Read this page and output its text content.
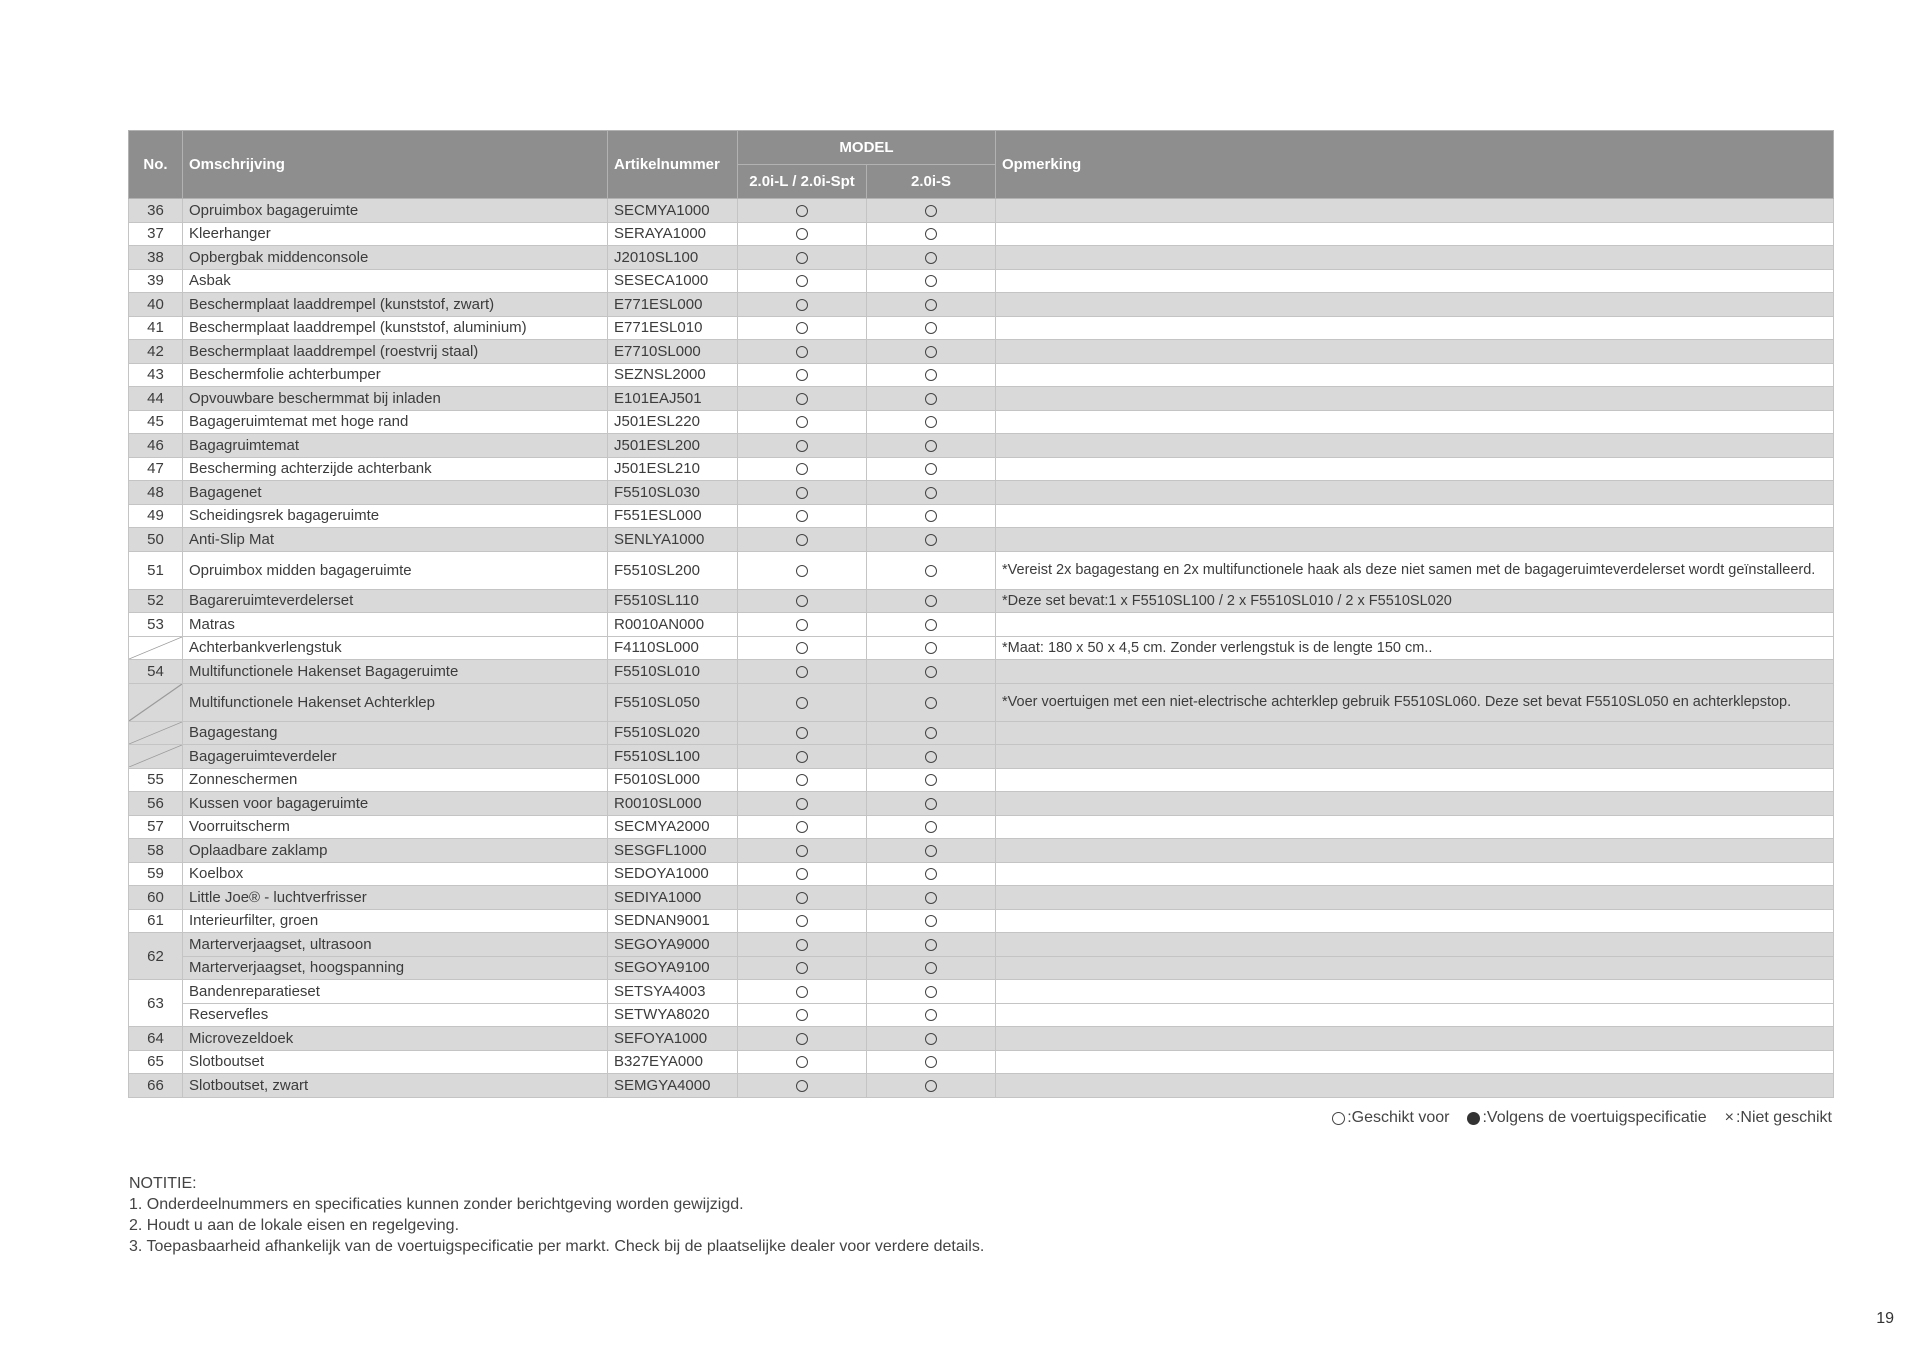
No.	Omschrijving	Artikelnummer	MODEL		Opmerking
			2.0i-L / 2.0i-Spt	2.0i-S	
36	Opruimbox bagageruimte	SECMYA1000			
37	Kleerhanger	SERAYA1000			
38	Opbergbak middenconsole	J2010SL100			
39	Asbak	SESECA1000			
40	Beschermplaat laaddrempel (kunststof, zwart)	E771ESL000			
41	Beschermplaat laaddrempel (kunststof, aluminium)	E771ESL010			
42	Beschermplaat laaddrempel (roestvrij staal)	E7710SL000			
43	Beschermfolie achterbumper	SEZNSL2000			
44	Opvouwbare beschermmat bij inladen	E101EAJ501			
45	Bagageruimtemat met hoge rand	J501ESL220			
46	Bagagruimtemat	J501ESL200			
47	Bescherming achterzijde achterbank	J501ESL210			
48	Bagagenet	F5510SL030			
49	Scheidingsrek bagageruimte	F551ESL000			
50	Anti-Slip Mat	SENLYA1000			
51	Opruimbox midden bagageruimte	F5510SL200			*Vereist 2x bagagestang en 2x multifunctionele haak als deze niet samen met de bagageruimteverdelerset wordt geïnstalleerd.
52	Bagareruimteverdelerset	F5510SL110			*Deze set bevat:1 x F5510SL100 / 2 x F5510SL010 / 2 x F5510SL020
53	Matras	R0010AN000			

	Achterbankverlengstuk	F4110SL000			*Maat: 180 x 50 x 4,5 cm. Zonder verlengstuk is de lengte 150 cm..
54	Multifunctionele Hakenset Bagageruimte	F5510SL010			

	Multifunctionele Hakenset Achterklep	F5510SL050			*Voer voertuigen met een niet-electrische achterklep gebruik F5510SL060. Deze set bevat F5510SL050 en achterklepstop.

	Bagagestang	F5510SL020			

	Bagageruimteverdeler	F5510SL100			
55	Zonneschermen	F5010SL000			
56	Kussen voor bagageruimte	R0010SL000			
57	Voorruitscherm	SECMYA2000			
58	Oplaadbare zaklamp	SESGFL1000			
59	Koelbox	SEDOYA1000			
60	Little Joe® - luchtverfrisser	SEDIYA1000			
61	Interieurfilter, groen	SEDNAN9001			
62	Marterverjaagset, ultrasoon	SEGOYA9000			
	Marterverjaagset, hoogspanning	SEGOYA9100			
63	Bandenreparatieset	SETSYA4003			
	Reservefles	SETWYA8020			
64	Microvezeldoek	SEFOYA1000			
65	Slotboutset	B327EYA000			
66	Slotboutset, zwart	SEMGYA4000			
:Geschikt voor :Volgens de voertuigspecificatie × :Niet geschikt
NOTITIE:
1. Onderdeelnummers en specificaties kunnen zonder berichtgeving worden gewijzigd.
2. Houdt u aan de lokale eisen en regelgeving.
3. Toepasbaarheid afhankelijk van de voertuigspecificatie per markt. Check bij de plaatselijke dealer voor verdere details.
19
